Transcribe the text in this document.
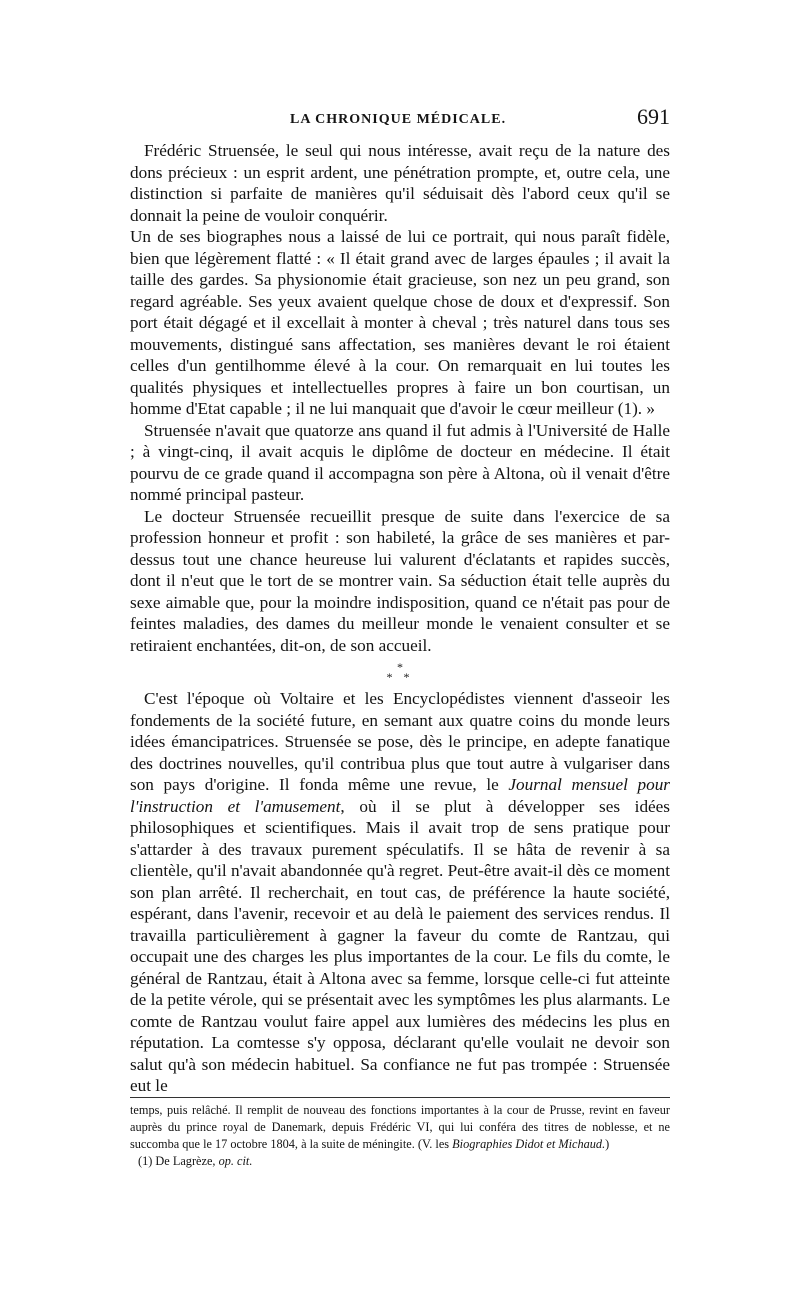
LA CHRONIQUE MÉDICALE.	691

Frédéric Struensée, le seul qui nous intéresse, avait reçu de la nature des dons précieux : un esprit ardent, une pénétration prompte, et, outre cela, une distinction si parfaite de manières qu'il séduisait dès l'abord ceux qu'il se donnait la peine de vouloir conquérir.

Un de ses biographes nous a laissé de lui ce portrait, qui nous paraît fidèle, bien que légèrement flatté : « Il était grand avec de larges épaules ; il avait la taille des gardes. Sa physionomie était gracieuse, son nez un peu grand, son regard agréable. Ses yeux avaient quelque chose de doux et d'expressif. Son port était dégagé et il excellait à monter à cheval ; très naturel dans tous ses mouvements, distingué sans affectation, ses manières devant le roi étaient celles d'un gentilhomme élevé à la cour. On remarquait en lui toutes les qualités physiques et intellectuelles propres à faire un bon courtisan, un homme d'Etat capable ; il ne lui manquait que d'avoir le cœur meilleur (1). »

Struensée n'avait que quatorze ans quand il fut admis à l'Université de Halle ; à vingt-cinq, il avait acquis le diplôme de docteur en médecine. Il était pourvu de ce grade quand il accompagna son père à Altona, où il venait d'être nommé principal pasteur.

Le docteur Struensée recueillit presque de suite dans l'exercice de sa profession honneur et profit : son habileté, la grâce de ses manières et par-dessus tout une chance heureuse lui valurent d'éclatants et rapides succès, dont il n'eut que le tort de se montrer vain. Sa séduction était telle auprès du sexe aimable que, pour la moindre indisposition, quand ce n'était pas pour de feintes maladies, des dames du meilleur monde le venaient consulter et se retiraient enchantées, dit-on, de son accueil.

*
* *

C'est l'époque où Voltaire et les Encyclopédistes viennent d'asseoir les fondements de la société future, en semant aux quatre coins du monde leurs idées émancipatrices. Struensée se pose, dès le principe, en adepte fanatique des doctrines nouvelles, qu'il contribua plus que tout autre à vulgariser dans son pays d'origine. Il fonda même une revue, le Journal mensuel pour l'instruction et l'amusement, où il se plut à développer ses idées philosophiques et scientifiques. Mais il avait trop de sens pratique pour s'attarder à des travaux purement spéculatifs. Il se hâta de revenir à sa clientèle, qu'il n'avait abandonnée qu'à regret. Peut-être avait-il dès ce moment son plan arrêté. Il recherchait, en tout cas, de préférence la haute société, espérant, dans l'avenir, recevoir et au delà le paiement des services rendus. Il travailla particulièrement à gagner la faveur du comte de Rantzau, qui occupait une des charges les plus importantes de la cour. Le fils du comte, le général de Rantzau, était à Altona avec sa femme, lorsque celle-ci fut atteinte de la petite vérole, qui se présentait avec les symptômes les plus alarmants. Le comte de Rantzau voulut faire appel aux lumières des médecins les plus en réputation. La comtesse s'y opposa, déclarant qu'elle voulait ne devoir son salut qu'à son médecin habituel. Sa confiance ne fut pas trompée : Struensée eut le

temps, puis relâché. Il remplit de nouveau des fonctions importantes à la cour de Prusse, revint en faveur auprès du prince royal de Danemark, depuis Frédéric VI, qui lui conféra des titres de noblesse, et ne succomba que le 17 octobre 1804, à la suite de méningite. (V. les Biographies Didot et Michaud.)

(1) De Lagrèze, op. cit.
